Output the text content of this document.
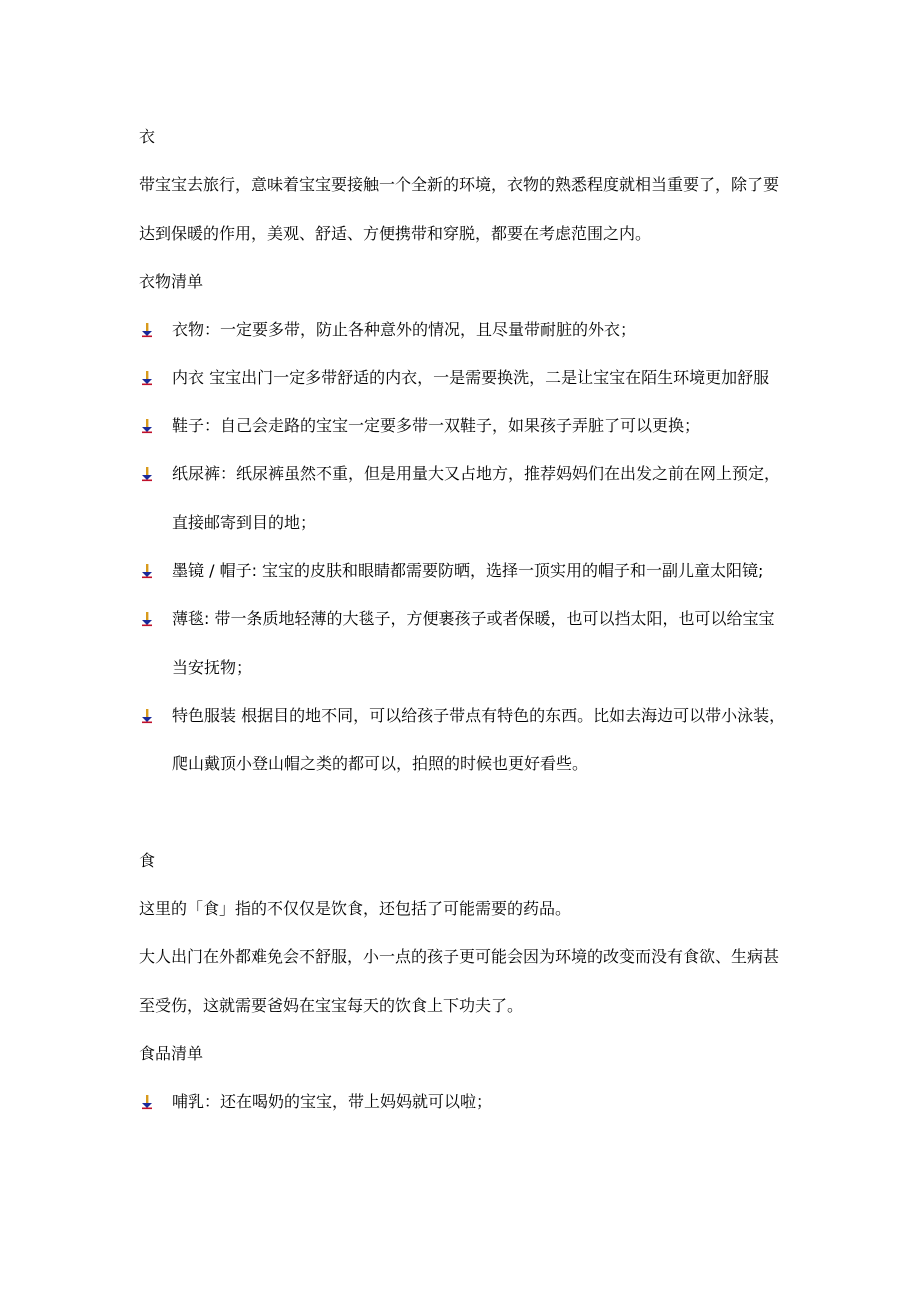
衣

带宝宝去旅行，意味着宝宝要接触一个全新的环境，衣物的熟悉程度就相当重要了，除了要

达到保暖的作用，美观、舒适、方便携带和穿脱，都要在考虑范围之内。

衣物清单

衣物：一定要多带，防止各种意外的情况，且尽量带耐脏的外衣；

内衣 宝宝出门一定多带舒适的内衣，一是需要换洗，二是让宝宝在陌生环境更加舒服

鞋子：自己会走路的宝宝一定要多带一双鞋子，如果孩子弄脏了可以更换；

纸尿裤：纸尿裤虽然不重，但是用量大又占地方，推荐妈妈们在出发之前在网上预定，

直接邮寄到目的地；

墨镜 / 帽子: 宝宝的皮肤和眼睛都需要防晒，选择一顶实用的帽子和一副儿童太阳镜;

薄毯: 带一条质地轻薄的大毯子，方便裹孩子或者保暖，也可以挡太阳，也可以给宝宝

当安抚物；

特色服装 根据目的地不同，可以给孩子带点有特色的东西。比如去海边可以带小泳装，

爬山戴顶小登山帽之类的都可以，拍照的时候也更好看些。

食

这里的「食」指的不仅仅是饮食，还包括了可能需要的药品。

大人出门在外都难免会不舒服，小一点的孩子更可能会因为环境的改变而没有食欲、生病甚

至受伤，这就需要爸妈在宝宝每天的饮食上下功夫了。

食品清单

哺乳：还在喝奶的宝宝，带上妈妈就可以啦；
